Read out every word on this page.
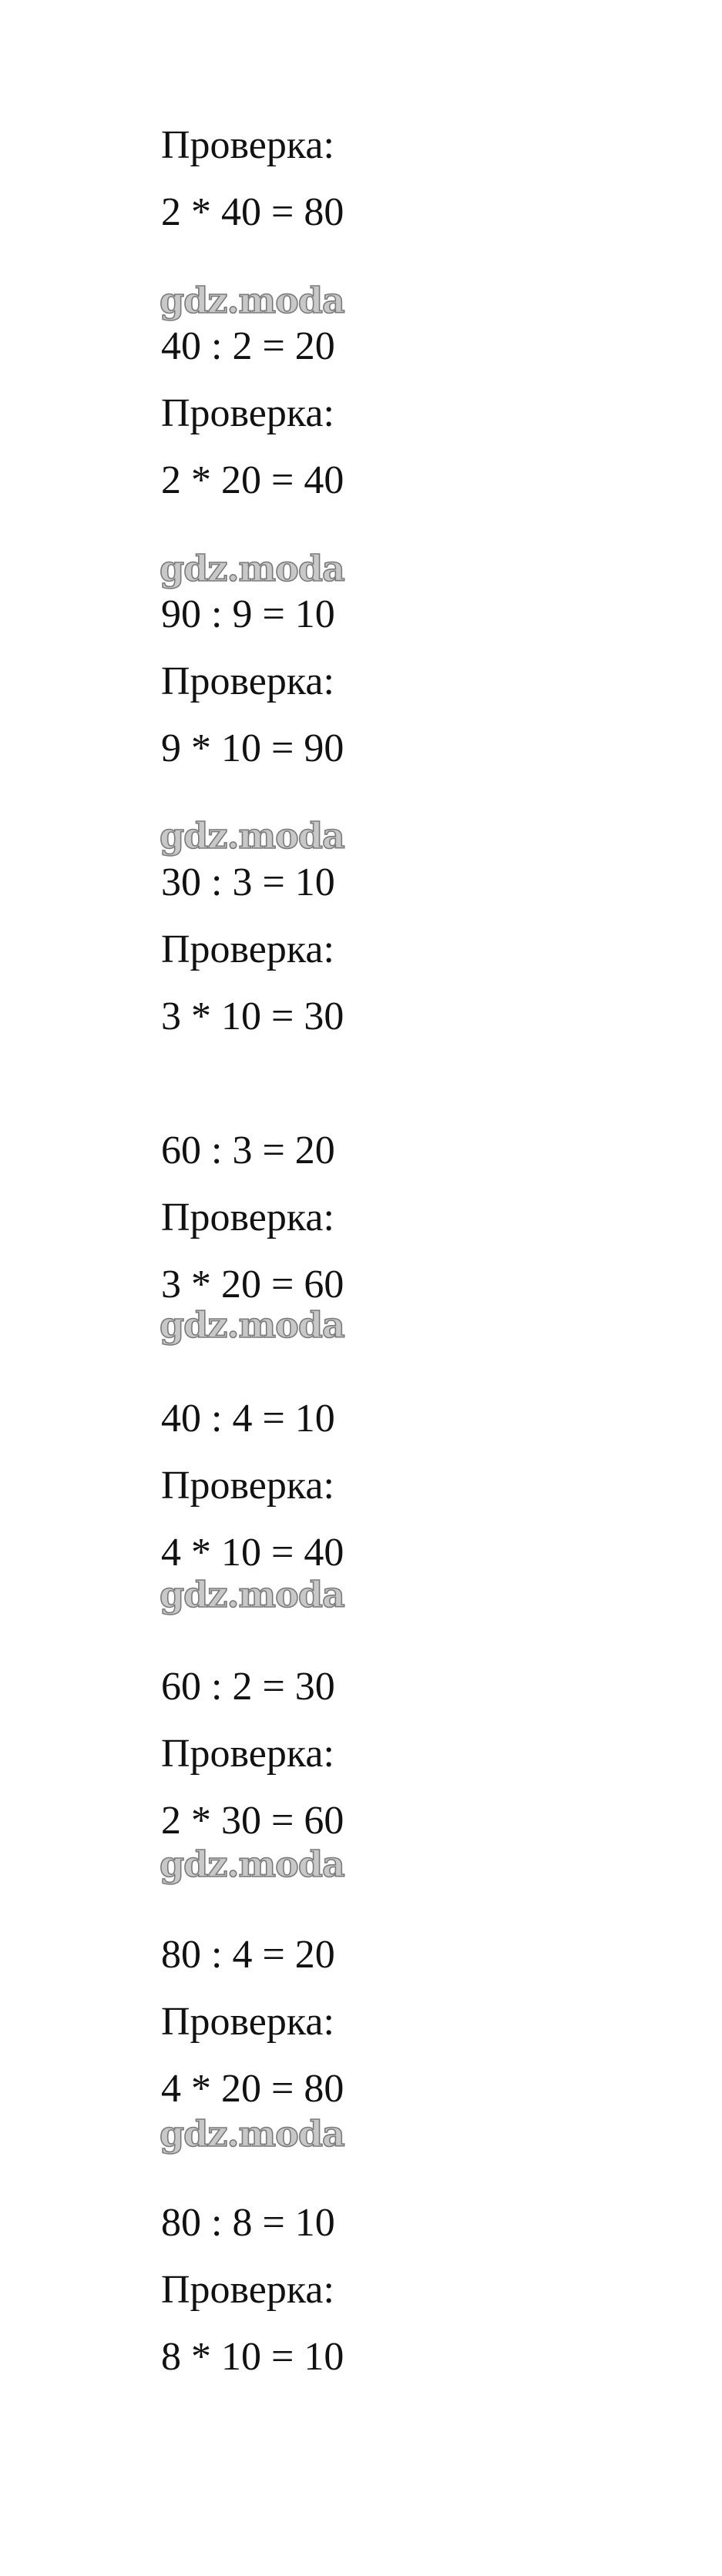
Проверка:
2 * 40 = 80
40 : 2 = 20
Проверка:
2 * 20 = 40
90 : 9 = 10
Проверка:
9 * 10 = 90
30 : 3 = 10
Проверка:
3 * 10 = 30
60 : 3 = 20
Проверка:
3 * 20 = 60
40 : 4 = 10
Проверка:
4 * 10 = 40
60 : 2 = 30
Проверка:
2 * 30 = 60
80 : 4 = 20
Проверка:
4 * 20 = 80
80 : 8 = 10
Проверка:
8 * 10 = 10
gdz.moda
gdz.moda
gdz.moda
gdz.moda
gdz.moda
gdz.moda
gdz.moda
